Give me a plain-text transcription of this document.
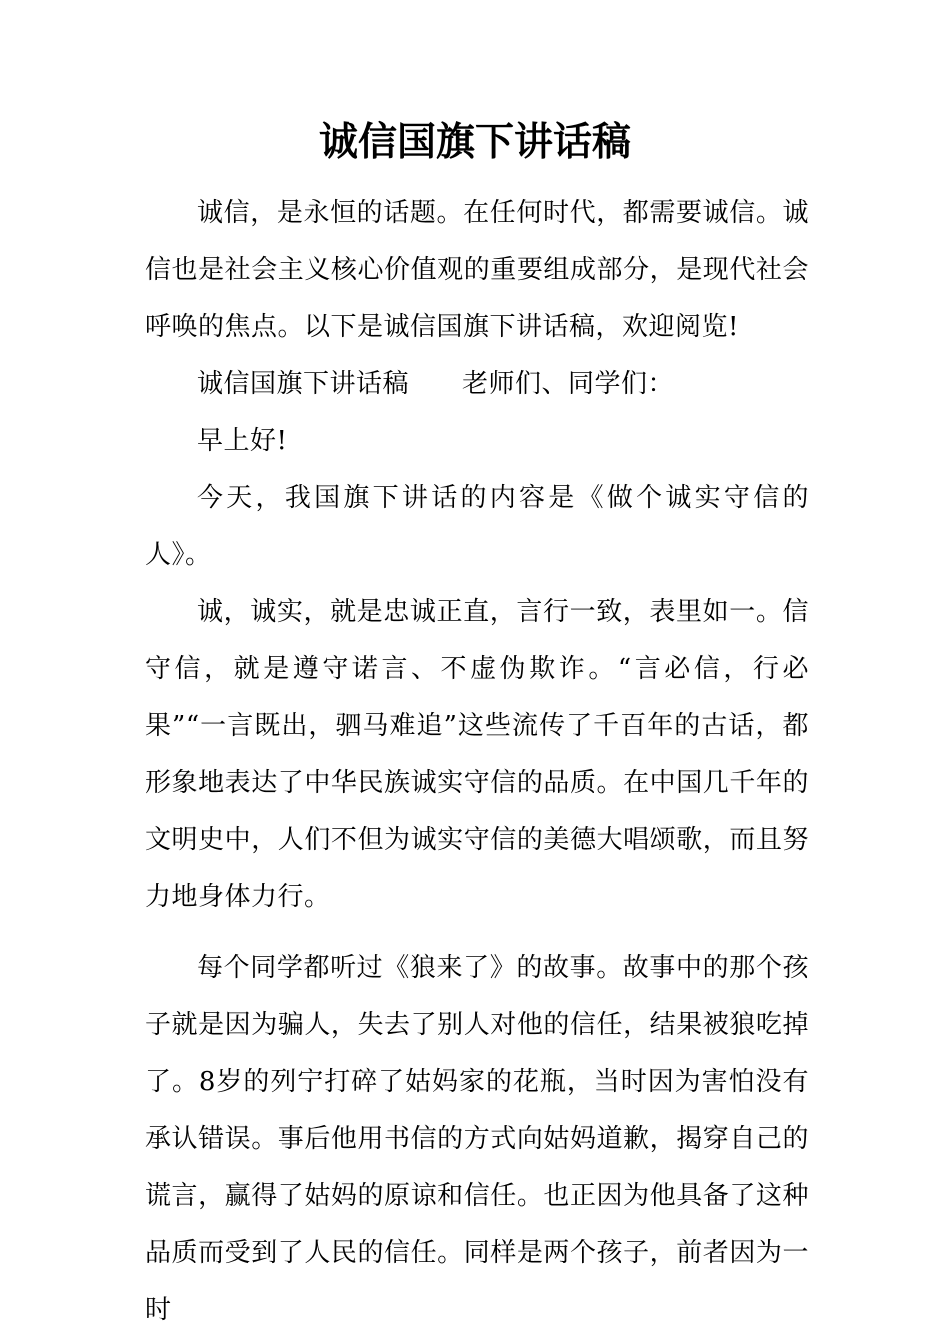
诚信国旗下讲话稿

诚信，是永恒的话题。在任何时代，都需要诚信。诚信也是社会主义核心价值观的重要组成部分，是现代社会呼唤的焦点。以下是诚信国旗下讲话稿，欢迎阅览!

诚信国旗下讲话稿　　老师们、同学们：

早上好!

今天，我国旗下讲话的内容是《做个诚实守信的人》。

诚，诚实，就是忠诚正直，言行一致，表里如一。信守信，就是遵守诺言、不虚伪欺诈。“言必信，行必果”“一言既出，驷马难追”这些流传了千百年的古话，都形象地表达了中华民族诚实守信的品质。在中国几千年的文明史中，人们不但为诚实守信的美德大唱颂歌，而且努力地身体力行。

每个同学都听过《狼来了》的故事。故事中的那个孩子就是因为骗人，失去了别人对他的信任，结果被狼吃掉了。8岁的列宁打碎了姑妈家的花瓶，当时因为害怕没有承认错误。事后他用书信的方式向姑妈道歉，揭穿自己的谎言，赢得了姑妈的原谅和信任。也正因为他具备了这种品质而受到了人民的信任。同样是两个孩子，前者因为一时
